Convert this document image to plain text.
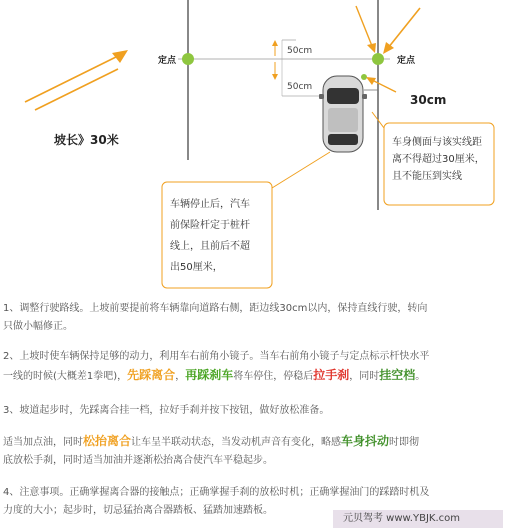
坡长》30米
定点	定点
50cm
50cm
30cm
车身侧面与该实线距
离不得超过30厘米，
且不能压到实线
车辆停止后，汽车
前保险杆定于桩杆
线上，且前后不超
出50厘米，
1、调整行驶路线。上坡前要提前将车辆靠向道路右侧，距边线30cm以内，保持直线行驶，转向
只做小幅修正。
2、上坡时使车辆保持足够的动力，利用车右前角小镜子。当车右前角小镜子与定点标示杆快水平
一线的时候(大概差1拳吧)，先踩离合，再踩刹车将车停住，停稳后拉手刹，同时挂空档。
3、坡道起步时，先踩离合挂一档，拉好手刹并按下按钮，做好放松准备。
适当加点油，同时松抬离合让车呈半联动状态，当发动机声音有变化，略感车身抖动时即彻
底放松手刹，同时适当加油并逐渐松抬离合使汽车平稳起步。
4、注意事项。正确掌握离合器的接触点；正确掌握手刹的放松时机；正确掌握油门的踩踏时机及
力度的大小；起步时，切忌猛抬离合器踏板、猛踏加速踏板。
元贝驾考 www.YBJK.com
